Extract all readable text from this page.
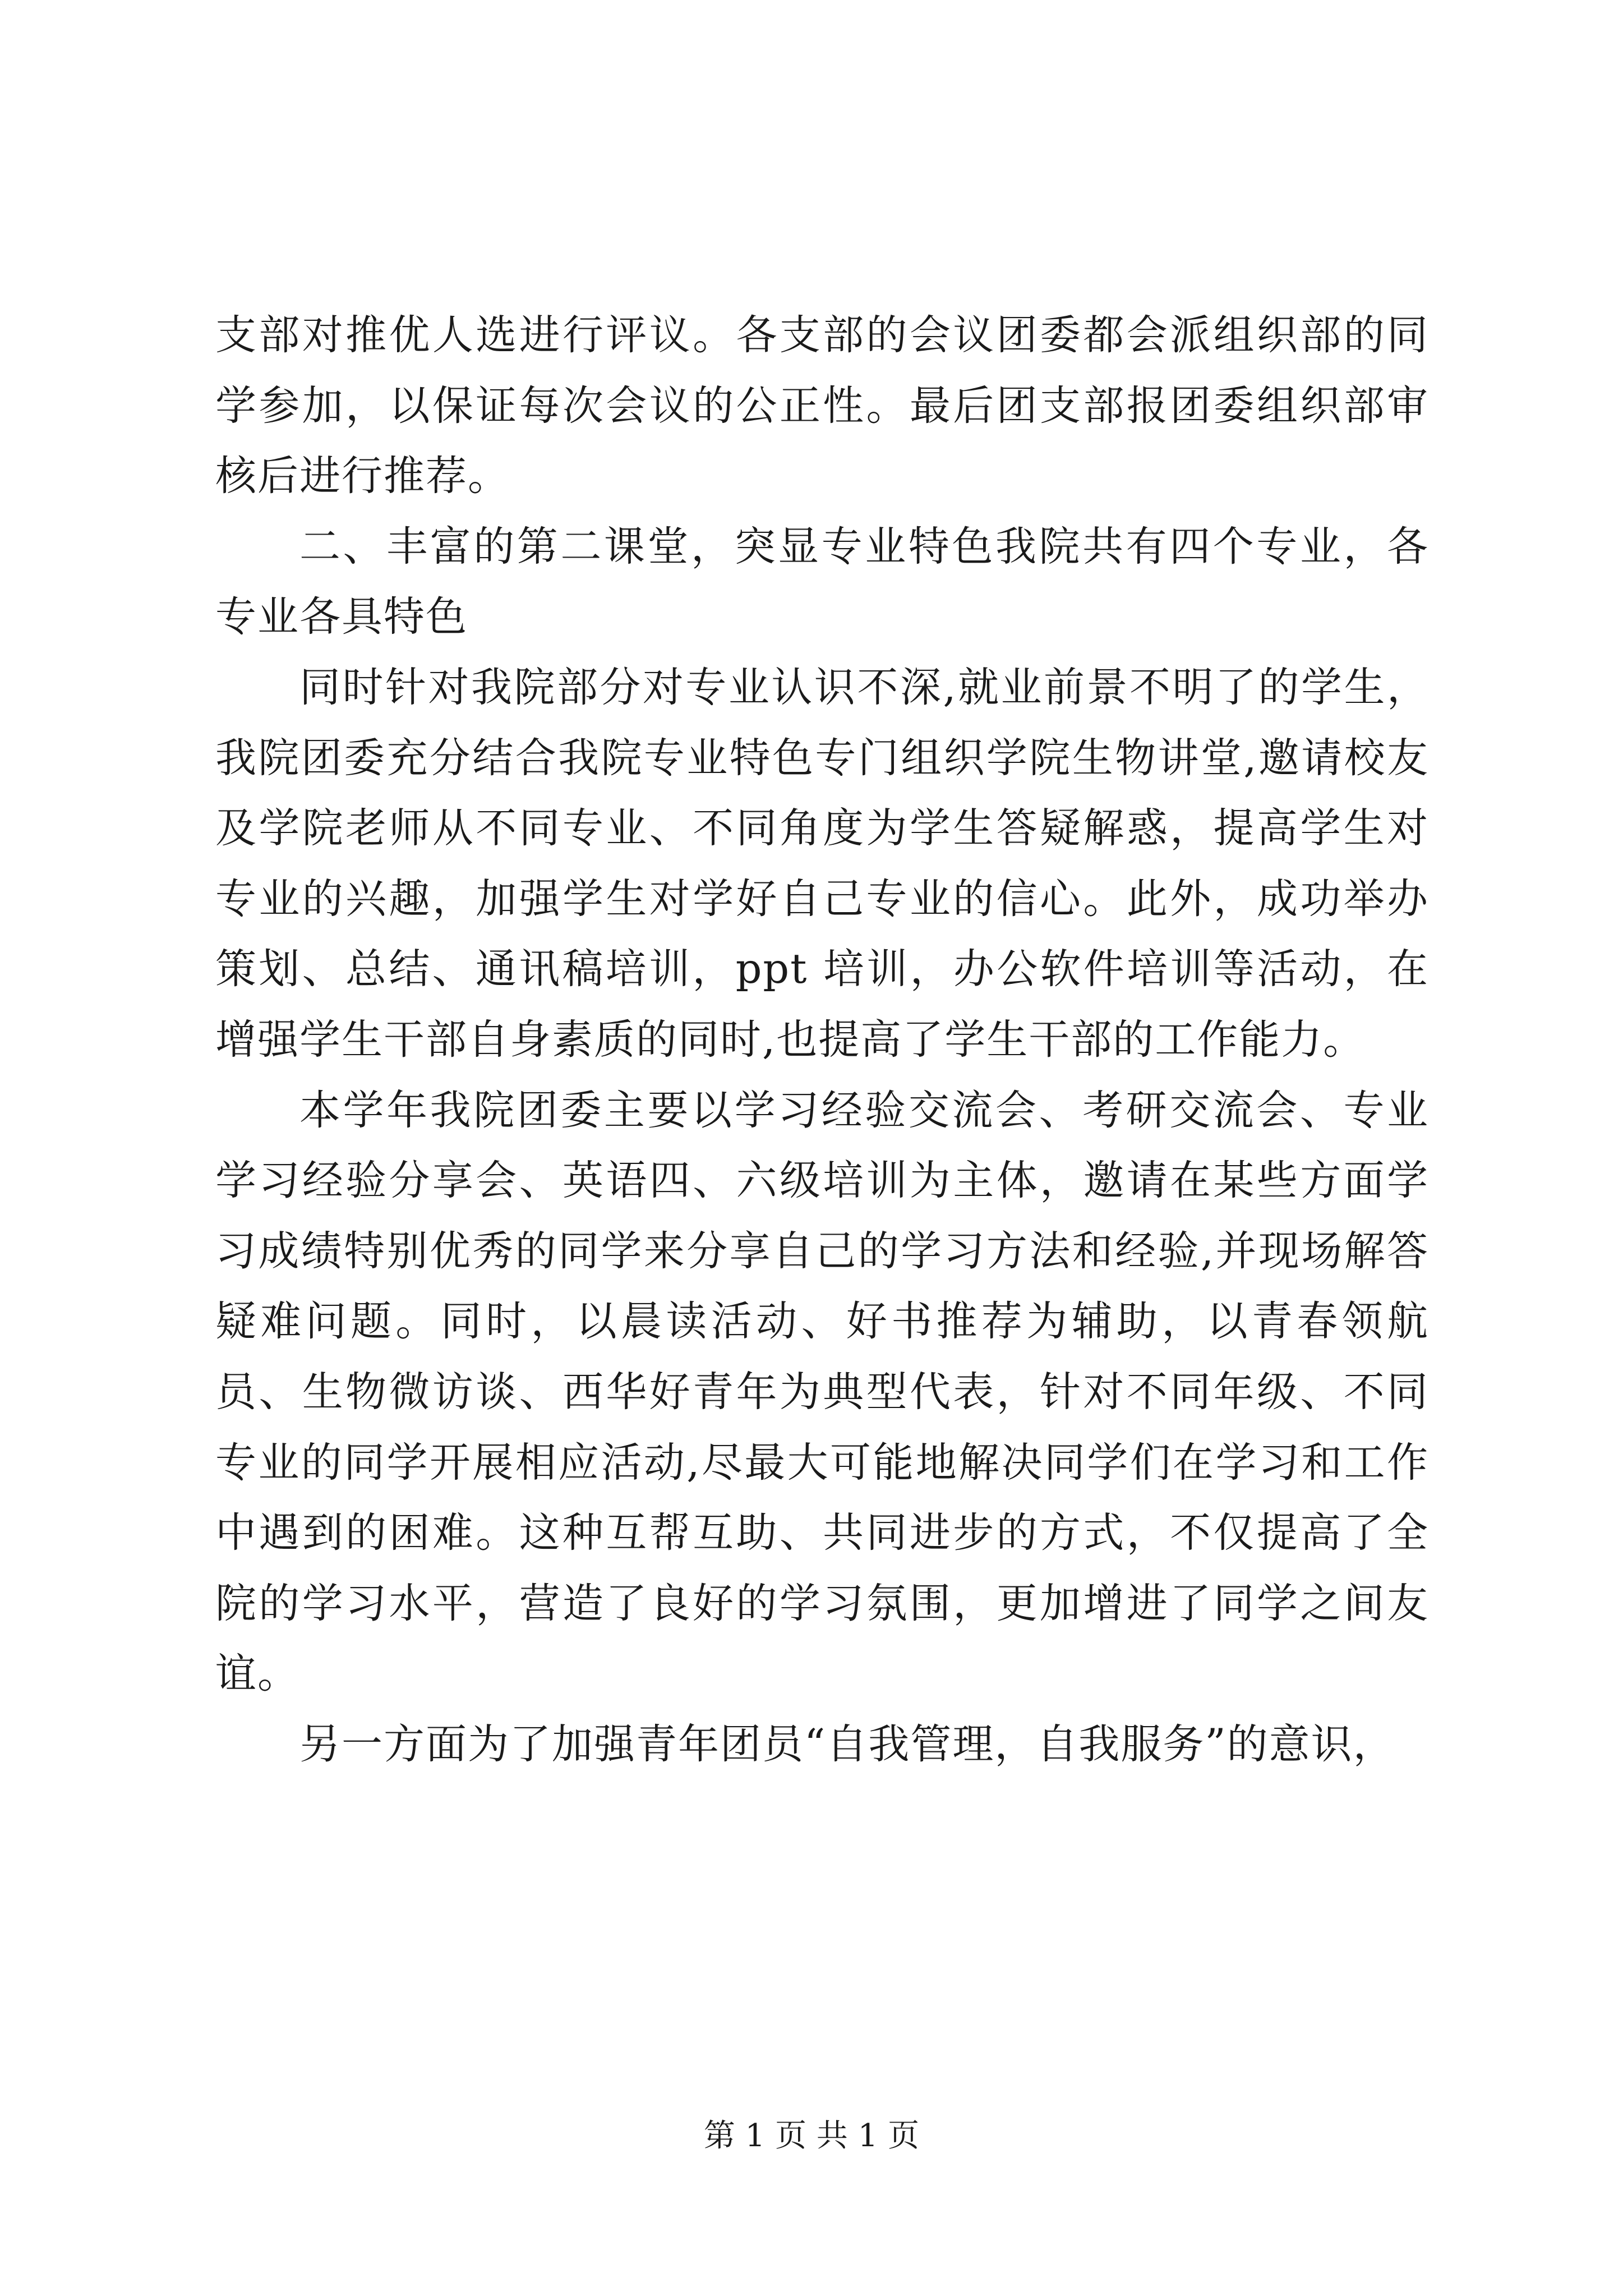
支部对推优人选进行评议。各支部的会议团委都会派组织部的同学参加，以保证每次会议的公正性。最后团支部报团委组织部审核后进行推荐。

二、丰富的第二课堂，突显专业特色我院共有四个专业，各专业各具特色

同时针对我院部分对专业认识不深,就业前景不明了的学生，我院团委充分结合我院专业特色专门组织学院生物讲堂,邀请校友及学院老师从不同专业、不同角度为学生答疑解惑，提高学生对专业的兴趣，加强学生对学好自己专业的信心。此外，成功举办策划、总结、通讯稿培训，ppt 培训，办公软件培训等活动，在增强学生干部自身素质的同时,也提高了学生干部的工作能力。

本学年我院团委主要以学习经验交流会、考研交流会、专业学习经验分享会、英语四、六级培训为主体，邀请在某些方面学习成绩特别优秀的同学来分享自己的学习方法和经验,并现场解答疑难问题。同时，以晨读活动、好书推荐为辅助，以青春领航员、生物微访谈、西华好青年为典型代表，针对不同年级、不同专业的同学开展相应活动,尽最大可能地解决同学们在学习和工作中遇到的困难。这种互帮互助、共同进步的方式，不仅提高了全院的学习水平，营造了良好的学习氛围，更加增进了同学之间友谊。

另一方面为了加强青年团员“自我管理，自我服务”的意识，

第 1 页 共 1 页
